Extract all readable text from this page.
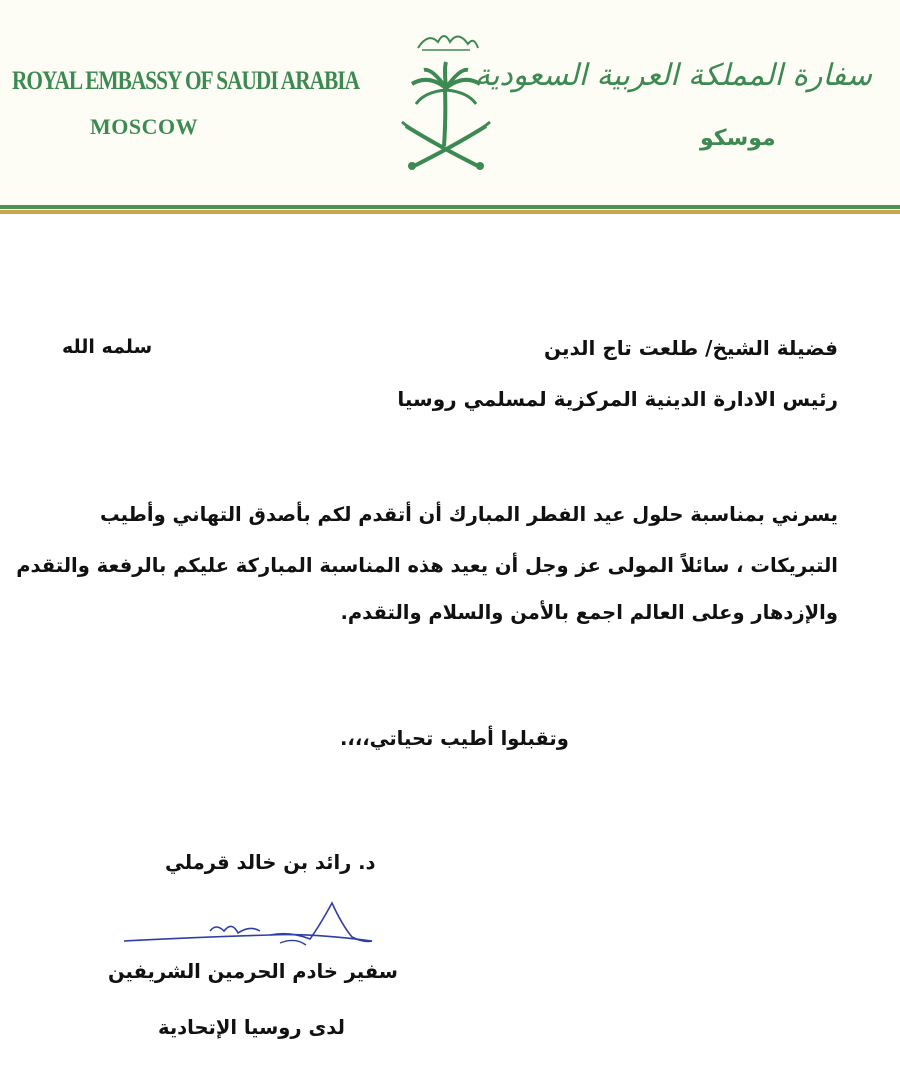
ROYAL EMBASSY OF SAUDI ARABIA
MOSCOW
سفارة المملكة العربية السعودية
موسكو
فضيلة الشيخ/ طلعت تاج الدين
سلمه الله
رئيس الادارة الدينية المركزية لمسلمي روسيا
يسرني بمناسبة حلول عيد الفطر المبارك أن أتقدم لكم بأصدق التهاني وأطيب
التبريكات ، سائلاً المولى عز وجل أن يعيد هذه المناسبة المباركة عليكم بالرفعة والتقدم
والإزدهار وعلى العالم اجمع بالأمن والسلام والتقدم.
وتقبلوا أطيب تحياتي،،،.
د. رائد بن خالد قرملي
سفير خادم الحرمين الشريفين
لدى روسيا الإتحادية
